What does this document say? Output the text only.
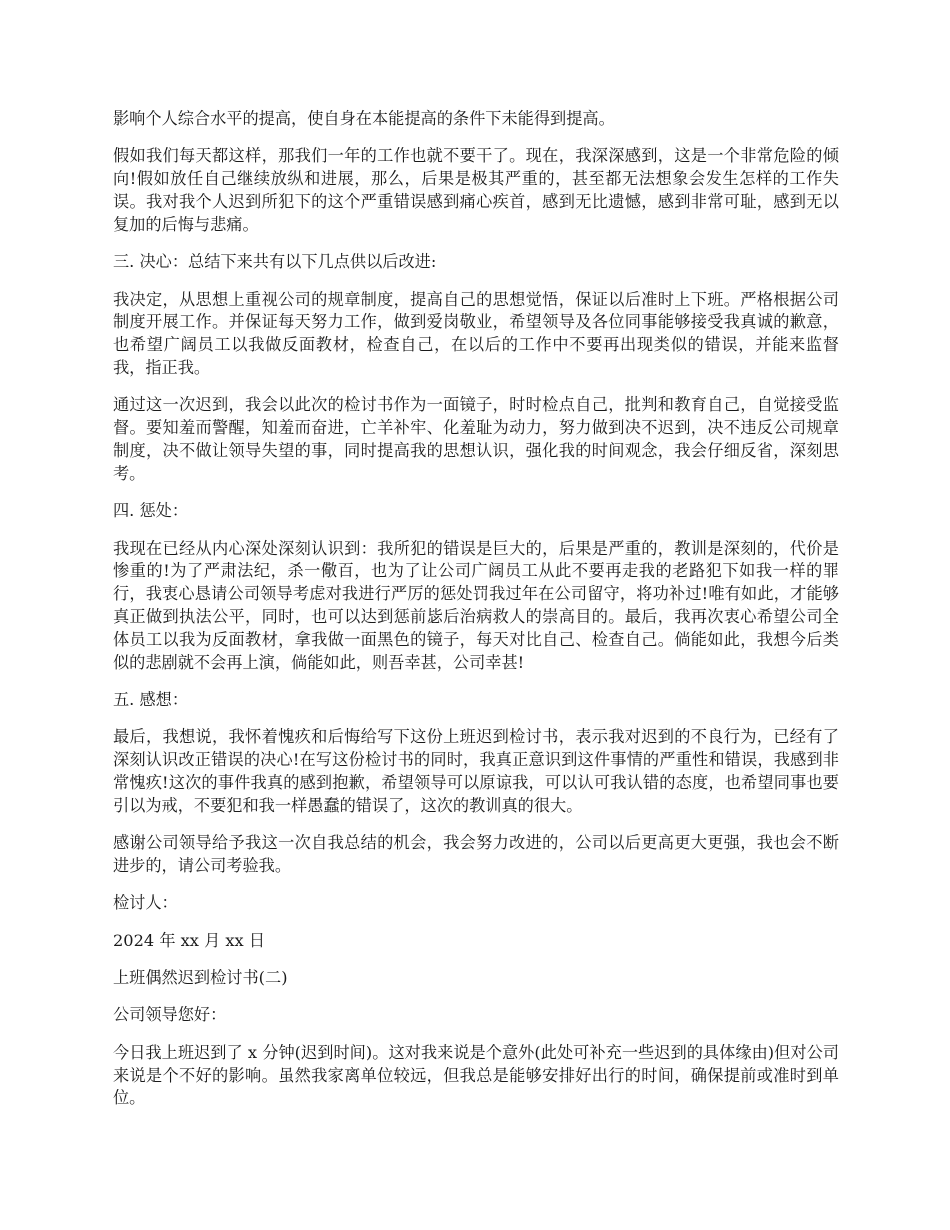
影响个人综合水平的提高，使自身在本能提高的条件下未能得到提高。

假如我们每天都这样，那我们一年的工作也就不要干了。现在，我深深感到，这是一个非常危险的倾向!假如放任自己继续放纵和进展，那么，后果是极其严重的，甚至都无法想象会发生怎样的工作失误。我对我个人迟到所犯下的这个严重错误感到痛心疾首，感到无比遗憾，感到非常可耻，感到无以复加的后悔与悲痛。

三. 决心：总结下来共有以下几点供以后改进:

我决定，从思想上重视公司的规章制度，提高自己的思想觉悟，保证以后准时上下班。严格根据公司制度开展工作。并保证每天努力工作，做到爱岗敬业，希望领导及各位同事能够接受我真诚的歉意，也希望广阔员工以我做反面教材，检查自己，在以后的工作中不要再出现类似的错误，并能来监督我，指正我。

通过这一次迟到，我会以此次的检讨书作为一面镜子，时时检点自己，批判和教育自己，自觉接受监督。要知羞而警醒，知羞而奋进，亡羊补牢、化羞耻为动力，努力做到决不迟到，决不违反公司规章制度，决不做让领导失望的事，同时提高我的思想认识，强化我的时间观念，我会仔细反省，深刻思考。

四. 惩处：

我现在已经从内心深处深刻认识到：我所犯的错误是巨大的，后果是严重的，教训是深刻的，代价是惨重的!为了严肃法纪，杀一儆百，也为了让公司广阔员工从此不要再走我的老路犯下如我一样的罪行，我衷心恳请公司领导考虑对我进行严厉的惩处罚我过年在公司留守，将功补过!唯有如此，才能够真正做到执法公平，同时，也可以达到惩前毖后治病救人的崇高目的。最后，我再次衷心希望公司全体员工以我为反面教材，拿我做一面黑色的镜子，每天对比自己、检查自己。倘能如此，我想今后类似的悲剧就不会再上演，倘能如此，则吾幸甚，公司幸甚!

五. 感想：

最后，我想说，我怀着愧疚和后悔给写下这份上班迟到检讨书，表示我对迟到的不良行为，已经有了深刻认识改正错误的决心!在写这份检讨书的同时，我真正意识到这件事情的严重性和错误，我感到非常愧疚!这次的事件我真的感到抱歉，希望领导可以原谅我，可以认可我认错的态度，也希望同事也要引以为戒，不要犯和我一样愚蠢的错误了，这次的教训真的很大。

感谢公司领导给予我这一次自我总结的机会，我会努力改进的，公司以后更高更大更强，我也会不断进步的，请公司考验我。

检讨人：

2024 年 xx 月 xx 日

上班偶然迟到检讨书(二)

公司领导您好：

今日我上班迟到了 x 分钟(迟到时间)。这对我来说是个意外(此处可补充一些迟到的具体缘由)但对公司来说是个不好的影响。虽然我家离单位较远，但我总是能够安排好出行的时间，确保提前或准时到单位。
